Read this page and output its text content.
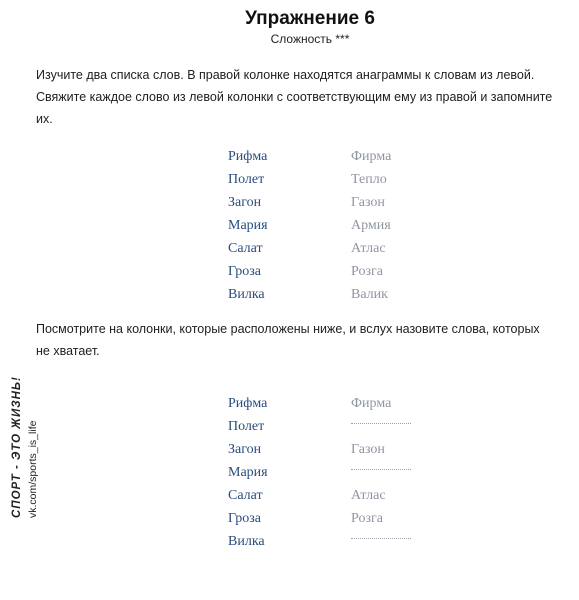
Упражнение 6
Сложность ***
Изучите два списка слов. В правой колонке находятся анаграммы к словам из левой. Свяжите каждое слово из левой колонки с соответствующим ему из правой и запомните их.
Рифма	Фирма
Полет	Тепло
Загон	Газон
Мария	Армия
Салат	Атлас
Гроза	Розга
Вилка	Валик
Посмотрите на колонки, которые расположены ниже, и вслух назовите слова, которых не хватает.
Рифма	Фирма
Полет
Загон	Газон
Мария
Салат	Атлас
Гроза	Розга
Вилка
СПОРТ - ЭТО ЖИЗНЬ! vk.com/sports_is_life
